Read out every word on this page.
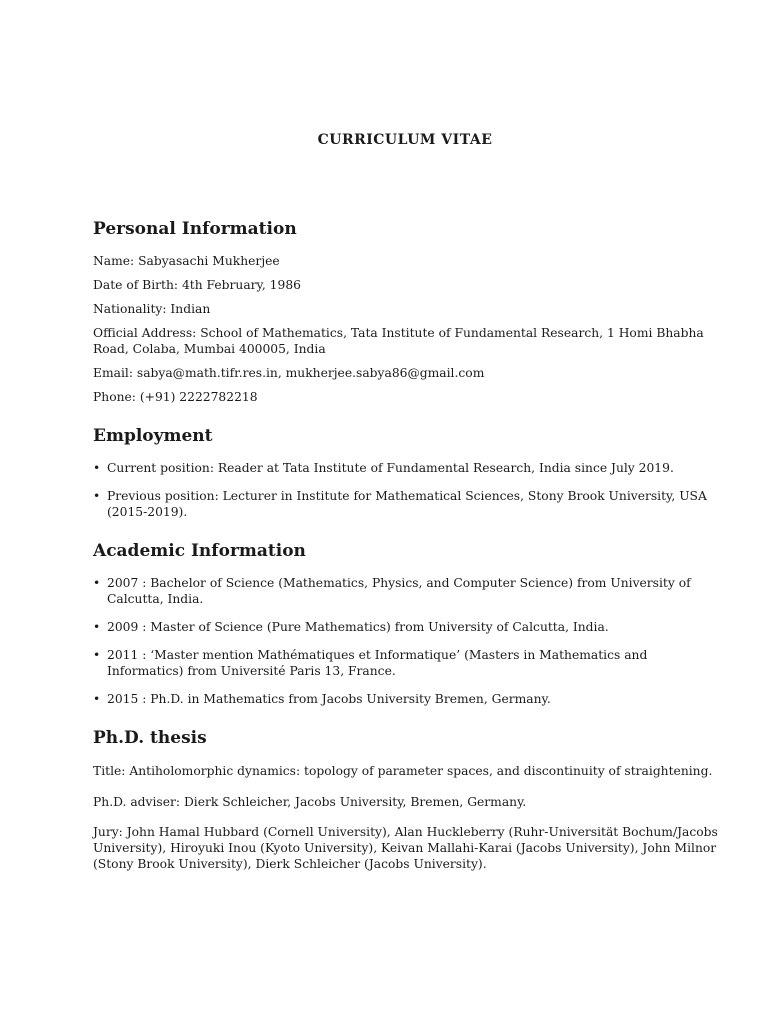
CURRICULUM VITAE
Personal Information
Name: Sabyasachi Mukherjee
Date of Birth: 4th February, 1986
Nationality: Indian
Official Address: School of Mathematics, Tata Institute of Fundamental Research, 1 Homi Bhabha Road, Colaba, Mumbai 400005, India
Email: sabya@math.tifr.res.in, mukherjee.sabya86@gmail.com
Phone: (+91) 2222782218
Employment
• Current position: Reader at Tata Institute of Fundamental Research, India since July 2019.
• Previous position: Lecturer in Institute for Mathematical Sciences, Stony Brook University, USA (2015-2019).
Academic Information
• 2007 : Bachelor of Science (Mathematics, Physics, and Computer Science) from University of Calcutta, India.
• 2009 : Master of Science (Pure Mathematics) from University of Calcutta, India.
• 2011 : ‘Master mention Mathématiques et Informatique’ (Masters in Mathematics and Informatics) from Université Paris 13, France.
• 2015 : Ph.D. in Mathematics from Jacobs University Bremen, Germany.
Ph.D. thesis
Title: Antiholomorphic dynamics: topology of parameter spaces, and discontinuity of straightening.
Ph.D. adviser: Dierk Schleicher, Jacobs University, Bremen, Germany.
Jury: John Hamal Hubbard (Cornell University), Alan Huckleberry (Ruhr-Universität Bochum/Jacobs University), Hiroyuki Inou (Kyoto University), Keivan Mallahi-Karai (Jacobs University), John Milnor (Stony Brook University), Dierk Schleicher (Jacobs University).
